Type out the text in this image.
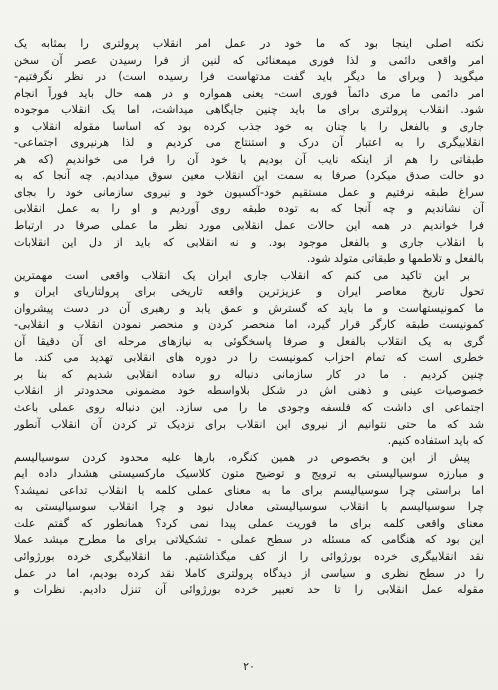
نکته اصلی اینجا بود که ما خود در عمل امر انقلاب پرولتری را بمثابه یک
امر واقعی دائمی و لذا فوری میمعنائی که لنین از فرا رسیدن عصر آن سخن
میگوید ( وبرای ما دیگر باید گفت مدتهاست فرا رسیده است) در نظر نگرفتیم-
امر دائمی ما مری دائماً فوری است- یعنی همواره و در همه حال باید فوراً انجام
شود. انقلاب پرولتری برای ما باید چنین جایگاهی میداشت، اما یک انقلاب موجوده
جاری و بالفعل را با چنان به خود جذب کرده بود که اساسا مقوله انقلاب و
انقلابیگری را به اعتبار آن درک و استنتاج می کردیم و لذا هرنیروی اجتماعی-
طبقاتی را هم از اینکه نایب آن بودیم یا خود آن را فرا می خواندیم (که هر
دو حالت صدق میکرد) صرفا به سمت این انقلاب معین سوق میدادیم. چه آنجا که به
سراغ طبقه نرفتیم و عمل مستقیم خود-آکسیون خود و نیروی سازمانی خود را بجای
آن نشاندیم و چه آنجا که به توده طبقه روی آوردیم و او را به عمل انقلابی
فرا خواندیم در همه این حالات عمل انقلابی مورد نظر ما عملی صرفا در ارتباط
با انقلاب جاری و بالفعل موجود بود. و نه انقلابی که باید از دل این انقلابات
بالفعل و تلاطمها و طبقاتی متولد شود.
بر این تاکید می کنم که انقلاب جاری ایران یک انقلاب واقعی است مهمترین
تحول تاریخ معاصر ایران و عزیزترین واقعه تاریخی برای پرولتاریای ایران و
ما کمونیستهاست و ما باید که گسترش و عمق یابد و رهبری آن در دست پیشروان
کمونیست طبقه کارگر قرار گیرد، اما منحصر کردن و منحصر نمودن انقلاب و انقلابی-
گری به یک انقلاب بالفعل و صرفا پاسخگوئی به نیازهای مرحله ای آن دقیقا آن
خطری است که تمام احزاب کمونیست را در دوره های انقلابی تهدید می کند. ما
چنین کردیم . ما در کار سازمانی دنباله رو ساده انقلابی شدیم که بنا بر
خصوصیات عینی و ذهنی اش در شکل بلاواسطه خود مضمونی محدودتر از انقلاب
اجتماعی ای داشت که فلسفه وجودی ما را می سازد. این دنباله روی عملی باعث
شد که ما حتی نتوانیم از نیروی این انقلاب برای نزدیک تر کردن آن انقلاب آنطور
که باید استفاده کنیم.
پیش از این و بخصوص در همین کنگره، بارها علیه محدود کردن سوسیالیسم
و مبارزه سوسیالیستی به ترویج و توضیح متون کلاسیک مارکسیستی هشدار داده ایم
اما براستی چرا سوسیالیسم برای ما به معنای عملی کلمه با انقلاب تداعی نمیشد؟
چرا سوسیالیسم با انقلاب سوسیالیستی معادل نبود و چرا انقلاب سوسیالیستی به
معنای واقعی کلمه برای ما فوریت عملی پیدا نمی کرد؟ همانطور که گفتم علت
این بود که هنگامی که مسئله در سطح عملی - تشکیلاتی برای ما مطرح میشد عملا
نقد انقلابیگری خرده بورژوائی را از کف میگذاشتیم. ما انقلابیگری خرده بورژوائی
را در سطح نظری و سیاسی از دیدگاه پرولتری کاملا نقد کرده بودیم، اما در عمل
مقوله عمل انقلابی را تا حد تعبیر خرده بورژوائی آن تنزل دادیم. نظرات و
۲۰
